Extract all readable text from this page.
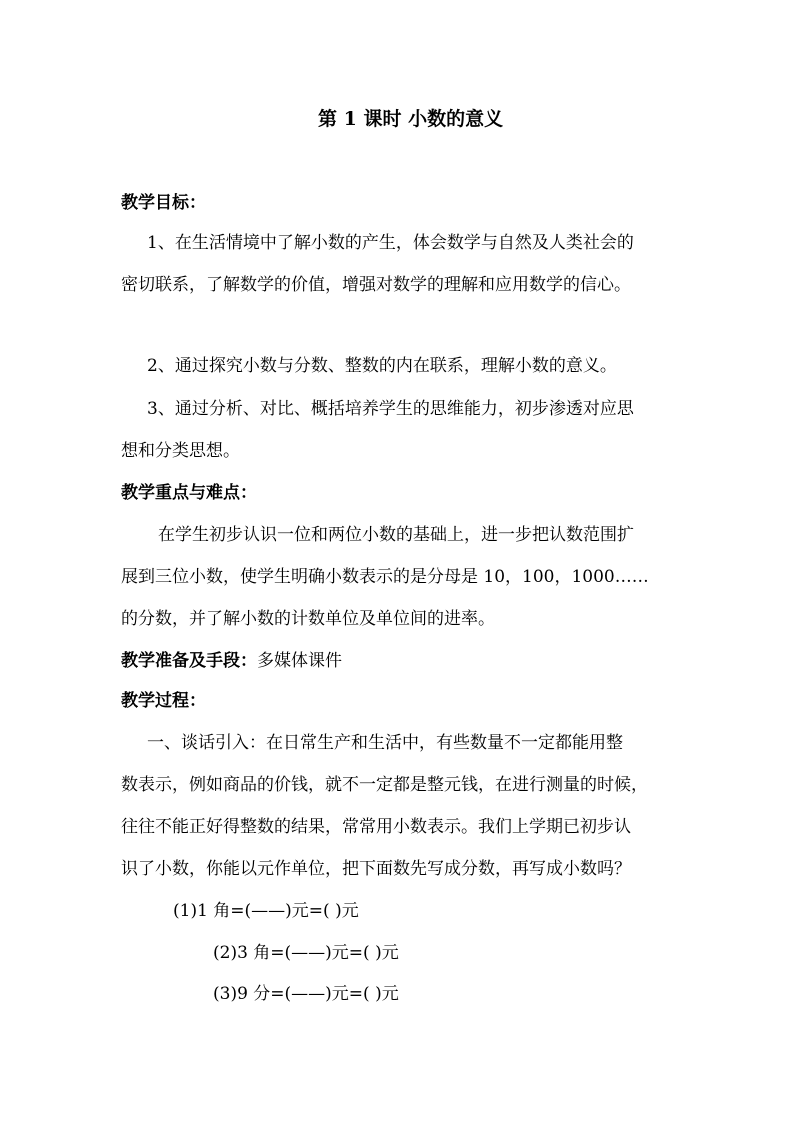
第 1 课时 小数的意义
教学目标：
1、在生活情境中了解小数的产生，体会数学与自然及人类社会的
密切联系，了解数学的价值，增强对数学的理解和应用数学的信心。
2、通过探究小数与分数、整数的内在联系，理解小数的意义。
3、通过分析、对比、概括培养学生的思维能力，初步渗透对应思
想和分类思想。
教学重点与难点：
在学生初步认识一位和两位小数的基础上，进一步把认数范围扩
展到三位小数，使学生明确小数表示的是分母是 10，100，1000……
的分数，并了解小数的计数单位及单位间的进率。
教学准备及手段：多媒体课件
教学过程：
一、谈话引入：在日常生产和生活中，有些数量不一定都能用整
数表示，例如商品的价钱，就不一定都是整元钱，在进行测量的时候，
往往不能正好得整数的结果，常常用小数表示。我们上学期已初步认
识了小数，你能以元作单位，把下面数先写成分数，再写成小数吗？
(1)1 角=(——)元=( )元
(2)3 角=(——)元=( )元
(3)9 分=(——)元=( )元
